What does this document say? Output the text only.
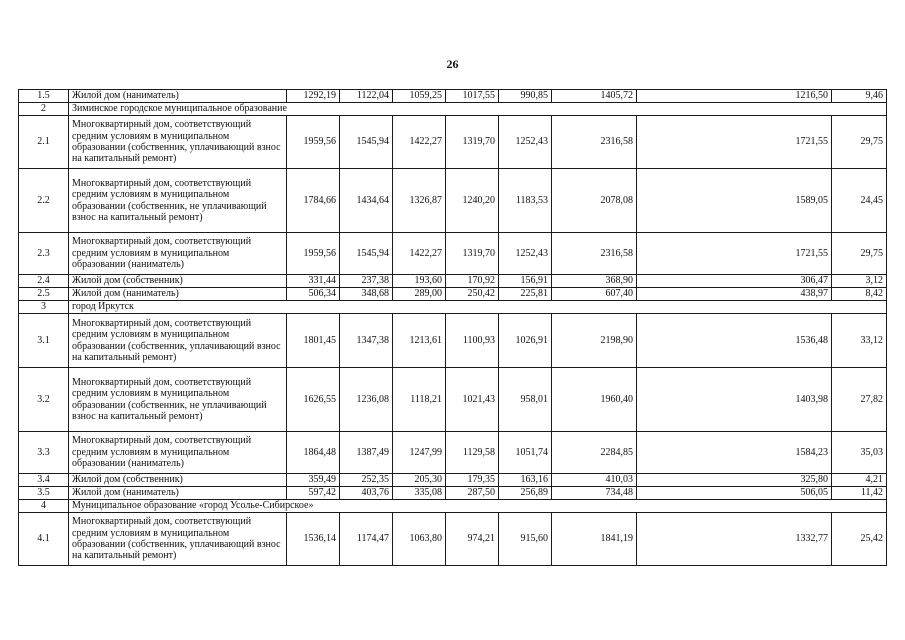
26
1.5	Жилой дом (наниматель)	1292,19	1122,04	1059,25	1017,55	990,85	1405,72	1216,50	9,46
2	Зиминское городское муниципальное образование								
2.1	Многоквартирный дом, соответствующий средним условиям в муниципальном образовании (собственник, уплачивающий взнос на капитальный ремонт)	1959,56	1545,94	1422,27	1319,70	1252,43	2316,58	1721,55	29,75
2.2	Многоквартирный дом, соответствующий средним условиям в муниципальном образовании (собственник, не уплачивающий взнос на капитальный ремонт)	1784,66	1434,64	1326,87	1240,20	1183,53	2078,08	1589,05	24,45
2.3	Многоквартирный дом, соответствующий средним условиям в муниципальном образовании (наниматель)	1959,56	1545,94	1422,27	1319,70	1252,43	2316,58	1721,55	29,75
2.4	Жилой дом (собственник)	331,44	237,38	193,60	170,92	156,91	368,90	306,47	3,12
2.5	Жилой дом (наниматель)	506,34	348,68	289,00	250,42	225,81	607,40	438,97	8,42
3	город Иркутск								
3.1	Многоквартирный дом, соответствующий средним условиям в муниципальном образовании (собственник, уплачивающий взнос на капитальный ремонт)	1801,45	1347,38	1213,61	1100,93	1026,91	2198,90	1536,48	33,12
3.2	Многоквартирный дом, соответствующий средним условиям в муниципальном образовании (собственник, не уплачивающий взнос на капитальный ремонт)	1626,55	1236,08	1118,21	1021,43	958,01	1960,40	1403,98	27,82
3.3	Многоквартирный дом, соответствующий средним условиям в муниципальном образовании (наниматель)	1864,48	1387,49	1247,99	1129,58	1051,74	2284,85	1584,23	35,03
3.4	Жилой дом (собственник)	359,49	252,35	205,30	179,35	163,16	410,03	325,80	4,21
3.5	Жилой дом (наниматель)	597,42	403,76	335,08	287,50	256,89	734,48	506,05	11,42
4	Муниципальное образование «город Усолье-Сибирское»								
4.1	Многоквартирный дом, соответствующий средним условиям в муниципальном образовании (собственник, уплачивающий взнос на капитальный ремонт)	1536,14	1174,47	1063,80	974,21	915,60	1841,19	1332,77	25,42
